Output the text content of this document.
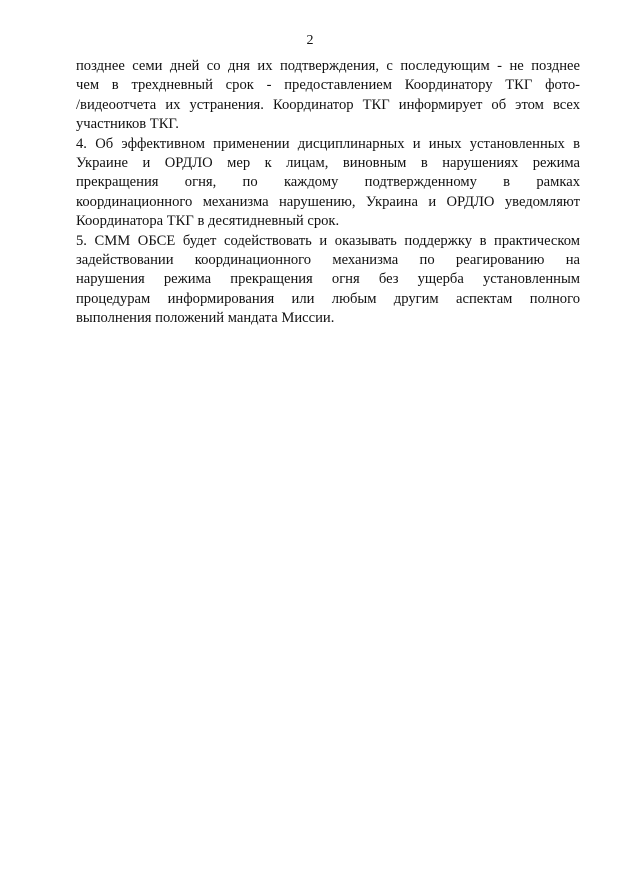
2
позднее семи дней со дня их подтверждения, с последующим - не позднее
чем в трехдневный срок - предоставлением Координатору ТКГ фото-
/видеоотчета их устранения. Координатор ТКГ информирует об этом всех
участников ТКГ.
4. Об эффективном применении дисциплинарных и иных установленных в
Украине и ОРДЛО мер к лицам, виновным в нарушениях режима
прекращения огня, по каждому подтвержденному в рамках
координационного механизма нарушению, Украина и ОРДЛО уведомляют
Координатора ТКГ в десятидневный срок.
5. СММ ОБСЕ будет содействовать и оказывать поддержку в практическом
задействовании координационного механизма по реагированию на
нарушения режима прекращения огня без ущерба установленным
процедурам информирования или любым другим аспектам полного
выполнения положений мандата Миссии.
